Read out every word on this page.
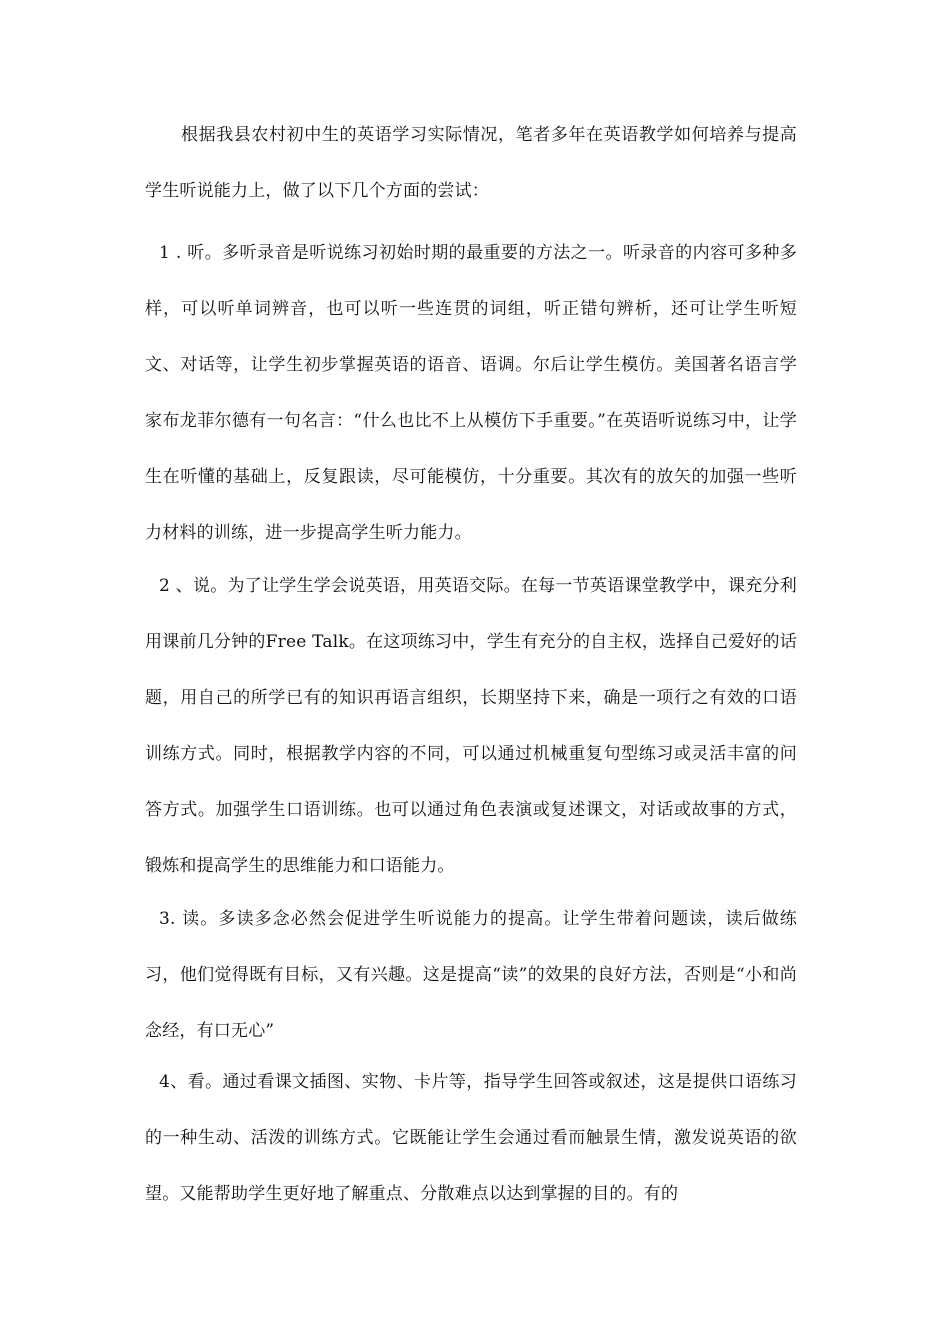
根据我县农村初中生的英语学习实际情况，笔者多年在英语教学如何培养与提高学生听说能力上，做了以下几个方面的尝试：

1 . 听。多听录音是听说练习初始时期的最重要的方法之一。听录音的内容可多种多样，可以听单词辨音，也可以听一些连贯的词组，听正错句辨析，还可让学生听短文、对话等，让学生初步掌握英语的语音、语调。尔后让学生模仿。美国著名语言学家布龙菲尔德有一句名言：“什么也比不上从模仿下手重要。”在英语听说练习中，让学生在听懂的基础上，反复跟读，尽可能模仿，十分重要。其次有的放矢的加强一些听力材料的训练，进一步提高学生听力能力。

2 、说。为了让学生学会说英语，用英语交际。在每一节英语课堂教学中，课充分利用课前几分钟的Free Talk。在这项练习中，学生有充分的自主权，选择自己爱好的话题，用自己的所学已有的知识再语言组织，长期坚持下来，确是一项行之有效的口语训练方式。同时，根据教学内容的不同，可以通过机械重复句型练习或灵活丰富的问答方式。加强学生口语训练。也可以通过角色表演或复述课文，对话或故事的方式，锻炼和提高学生的思维能力和口语能力。

3. 读。多读多念必然会促进学生听说能力的提高。让学生带着问题读，读后做练习，他们觉得既有目标，又有兴趣。这是提高“读”的效果的良好方法，否则是“小和尚念经，有口无心”

4、看。通过看课文插图、实物、卡片等，指导学生回答或叙述，这是提供口语练习的一种生动、活泼的训练方式。它既能让学生会通过看而触景生情，激发说英语的欲望。又能帮助学生更好地了解重点、分散难点以达到掌握的目的。有的
